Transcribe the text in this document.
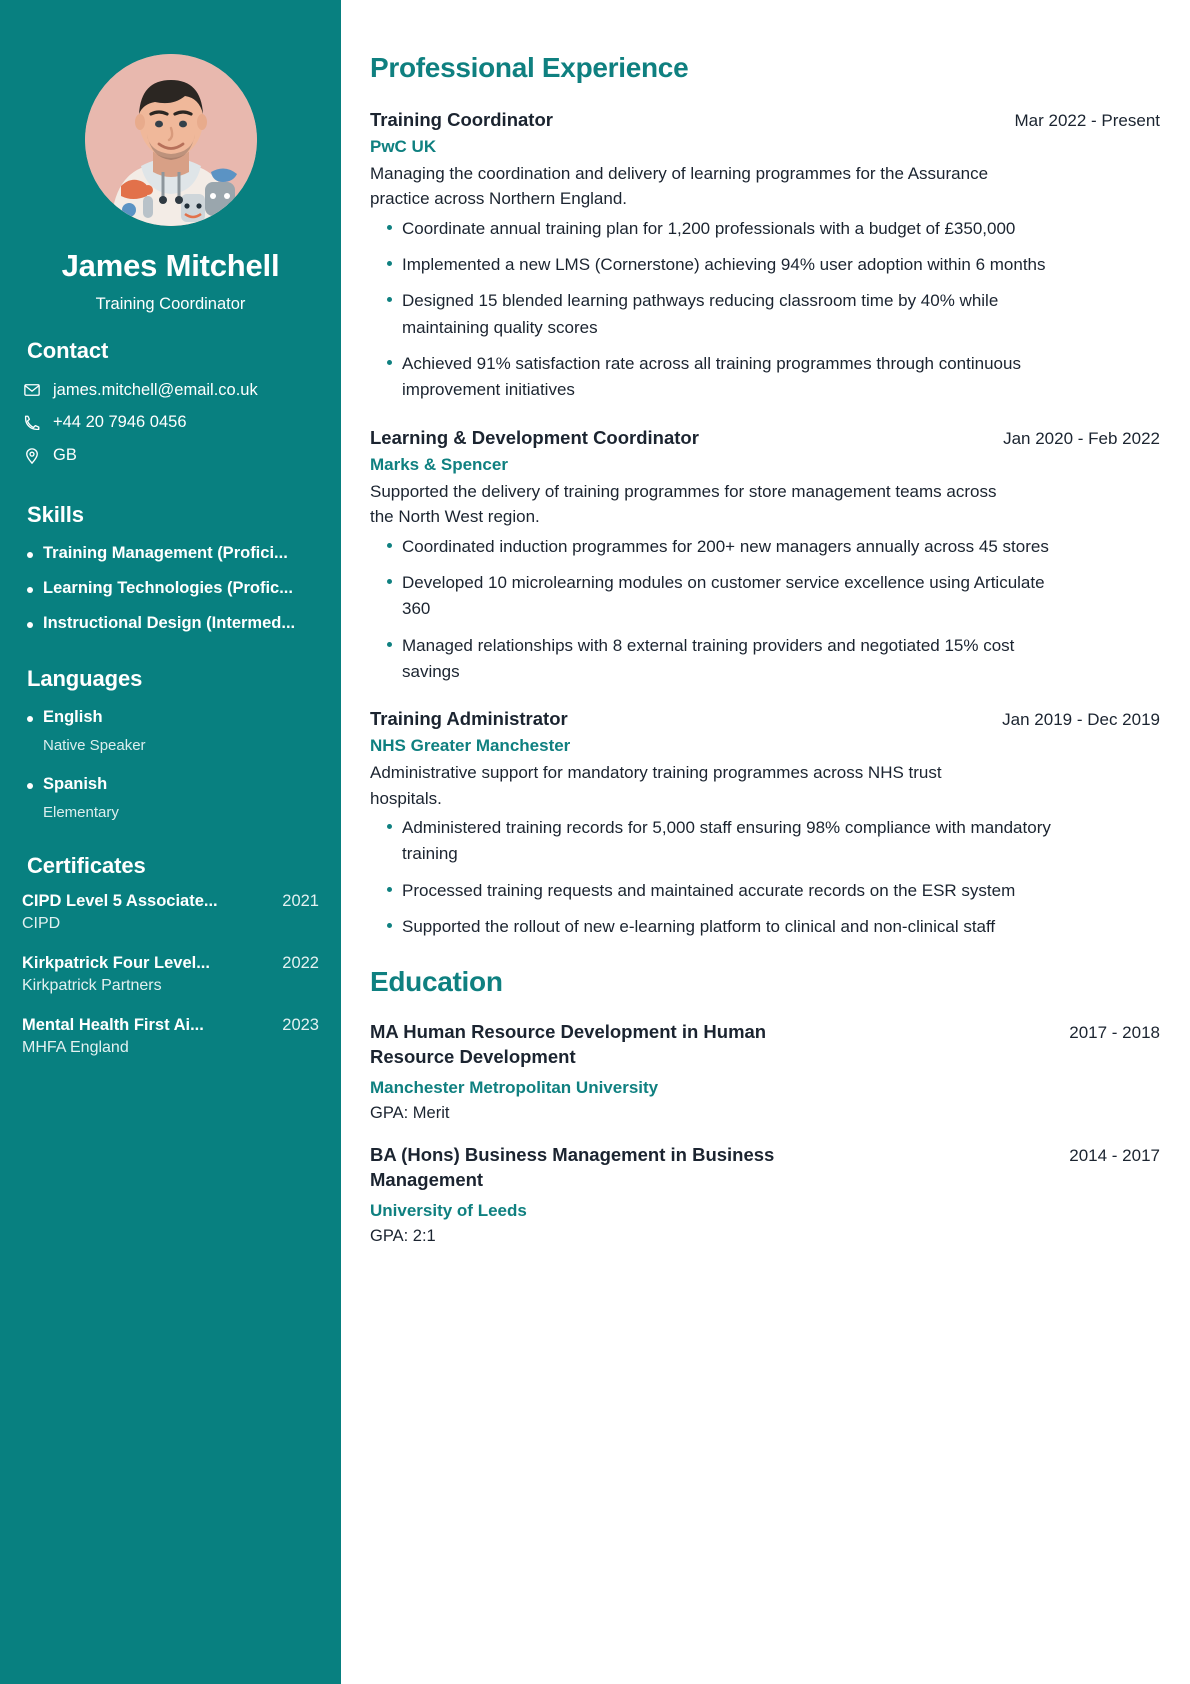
James Mitchell
Training Coordinator
Contact
james.mitchell@email.co.uk
+44 20 7946 0456
GB
Skills
Training Management (Profici...
Learning Technologies (Profic...
Instructional Design (Intermed...
Languages
English
Native Speaker
Spanish
Elementary
Certificates
CIPD Level 5 Associate...	2021
CIPD
Kirkpatrick Four Level...	2022
Kirkpatrick Partners
Mental Health First Ai...	2023
MHFA England
Professional Experience
Training Coordinator	Mar 2022 - Present
PwC UK

Managing the coordination and delivery of learning programmes for the Assurance practice across Northern England.

Coordinate annual training plan for 1,200 professionals with a budget of £350,000
Implemented a new LMS (Cornerstone) achieving 94% user adoption within 6 months
Designed 15 blended learning pathways reducing classroom time by 40% while maintaining quality scores
Achieved 91% satisfaction rate across all training programmes through continuous improvement initiatives
Learning & Development Coordinator	Jan 2020 - Feb 2022
Marks & Spencer

Supported the delivery of training programmes for store management teams across the North West region.

Coordinated induction programmes for 200+ new managers annually across 45 stores
Developed 10 microlearning modules on customer service excellence using Articulate 360
Managed relationships with 8 external training providers and negotiated 15% cost savings
Training Administrator	Jan 2019 - Dec 2019
NHS Greater Manchester

Administrative support for mandatory training programmes across NHS trust hospitals.

Administered training records for 5,000 staff ensuring 98% compliance with mandatory training
Processed training requests and maintained accurate records on the ESR system
Supported the rollout of new e-learning platform to clinical and non-clinical staff
Education
MA Human Resource Development in Human Resource Development
2017 - 2018
Manchester Metropolitan University
GPA: Merit
BA (Hons) Business Management in Business Management
2014 - 2017
University of Leeds
GPA: 2:1
